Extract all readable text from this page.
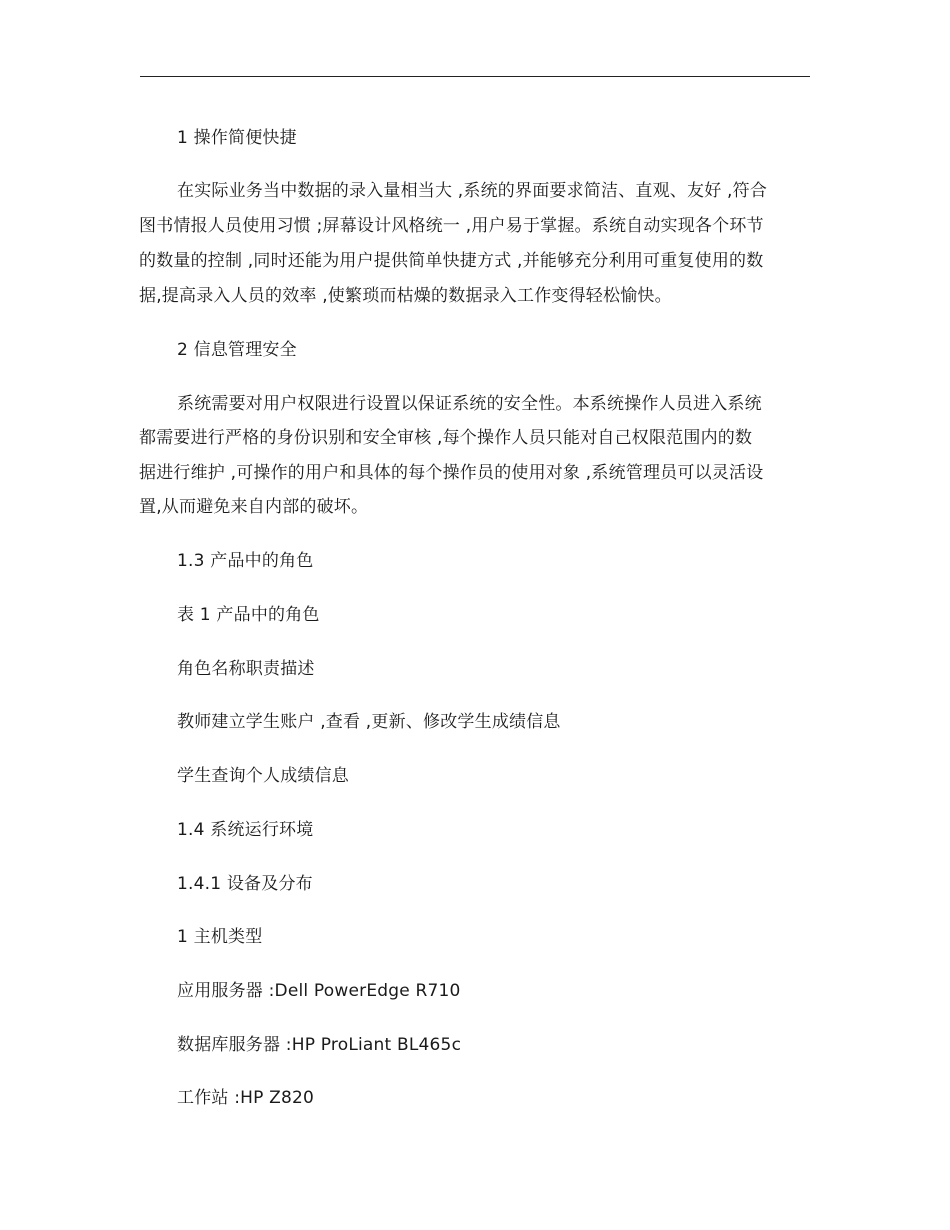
1 操作简便快捷
在实际业务当中数据的录入量相当大 ,系统的界面要求简洁、直观、友好 ,符合
图书情报人员使用习惯 ;屏幕设计风格统一 ,用户易于掌握。系统自动实现各个环节
的数量的控制 ,同时还能为用户提供简单快捷方式 ,并能够充分利用可重复使用的数
据,提高录入人员的效率 ,使繁琐而枯燥的数据录入工作变得轻松愉快。
2 信息管理安全
系统需要对用户权限进行设置以保证系统的安全性。本系统操作人员进入系统
都需要进行严格的身份识别和安全审核 ,每个操作人员只能对自己权限范围内的数
据进行维护 ,可操作的用户和具体的每个操作员的使用对象 ,系统管理员可以灵活设
置,从而避免来自内部的破坏。
1.3 产品中的角色
表 1 产品中的角色
角色名称职责描述
教师建立学生账户 ,查看 ,更新、修改学生成绩信息
学生查询个人成绩信息
1.4 系统运行环境
1.4.1 设备及分布
1 主机类型
应用服务器 :Dell PowerEdge R710
数据库服务器 :HP ProLiant BL465c
工作站 :HP Z820
